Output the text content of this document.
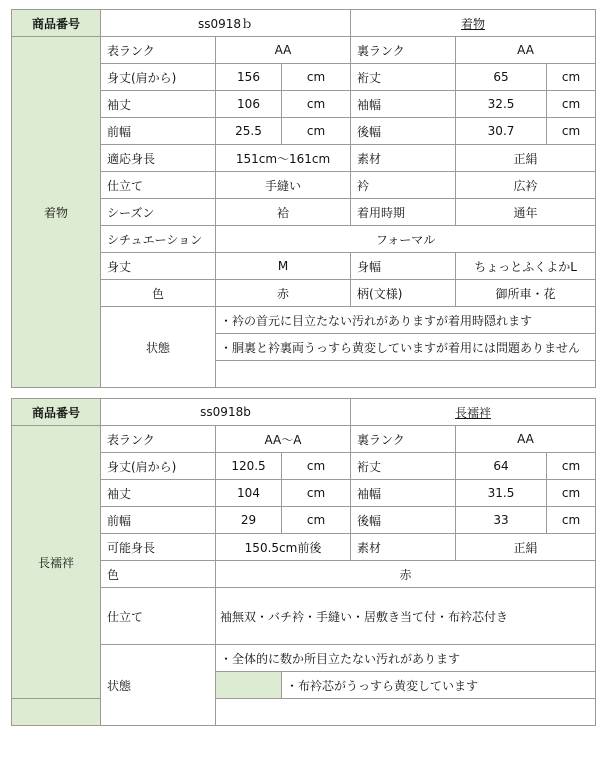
商品番号	ss0918ｂ			着物		
着物	表ランク	AA		裏ランク	AA	
	身丈(肩から)	156	cm	裄丈	65	cm
	袖丈	106	cm	袖幅	32.5	cm
	前幅	25.5	cm	後幅	30.7	cm
	適応身長	151cm～161cm		素材	正絹	
	仕立て	手縫い		衿	広衿	
	シーズン	袷		着用時期	通年	
	シチュエーション	フォーマル				
	身丈	M		身幅	ちょっとふくよかL	
	色	赤		柄(文様)	御所車・花	
	状態	・衿の首元に目立たない汚れがありますが着用時隠れます				
		・胴裏と衿裏両うっすら黄変していますが着用には問題ありません				

商品番号	ss0918b			長襦袢		
長襦袢	表ランク	AA～A		裏ランク	AA	
	身丈(肩から)	120.5	cm	裄丈	64	cm
	袖丈	104	cm	袖幅	31.5	cm
	前幅	29	cm	後幅	33	cm
	可能身長	150.5cm前後		素材	正絹	
	色	赤				
	仕立て	袖無双・バチ衿・手縫い・居敷き当て付・布衿芯付き				
	状態	・全体的に数か所目立たない汚れがあります				
			・布衿芯がうっすら黄変しています			
